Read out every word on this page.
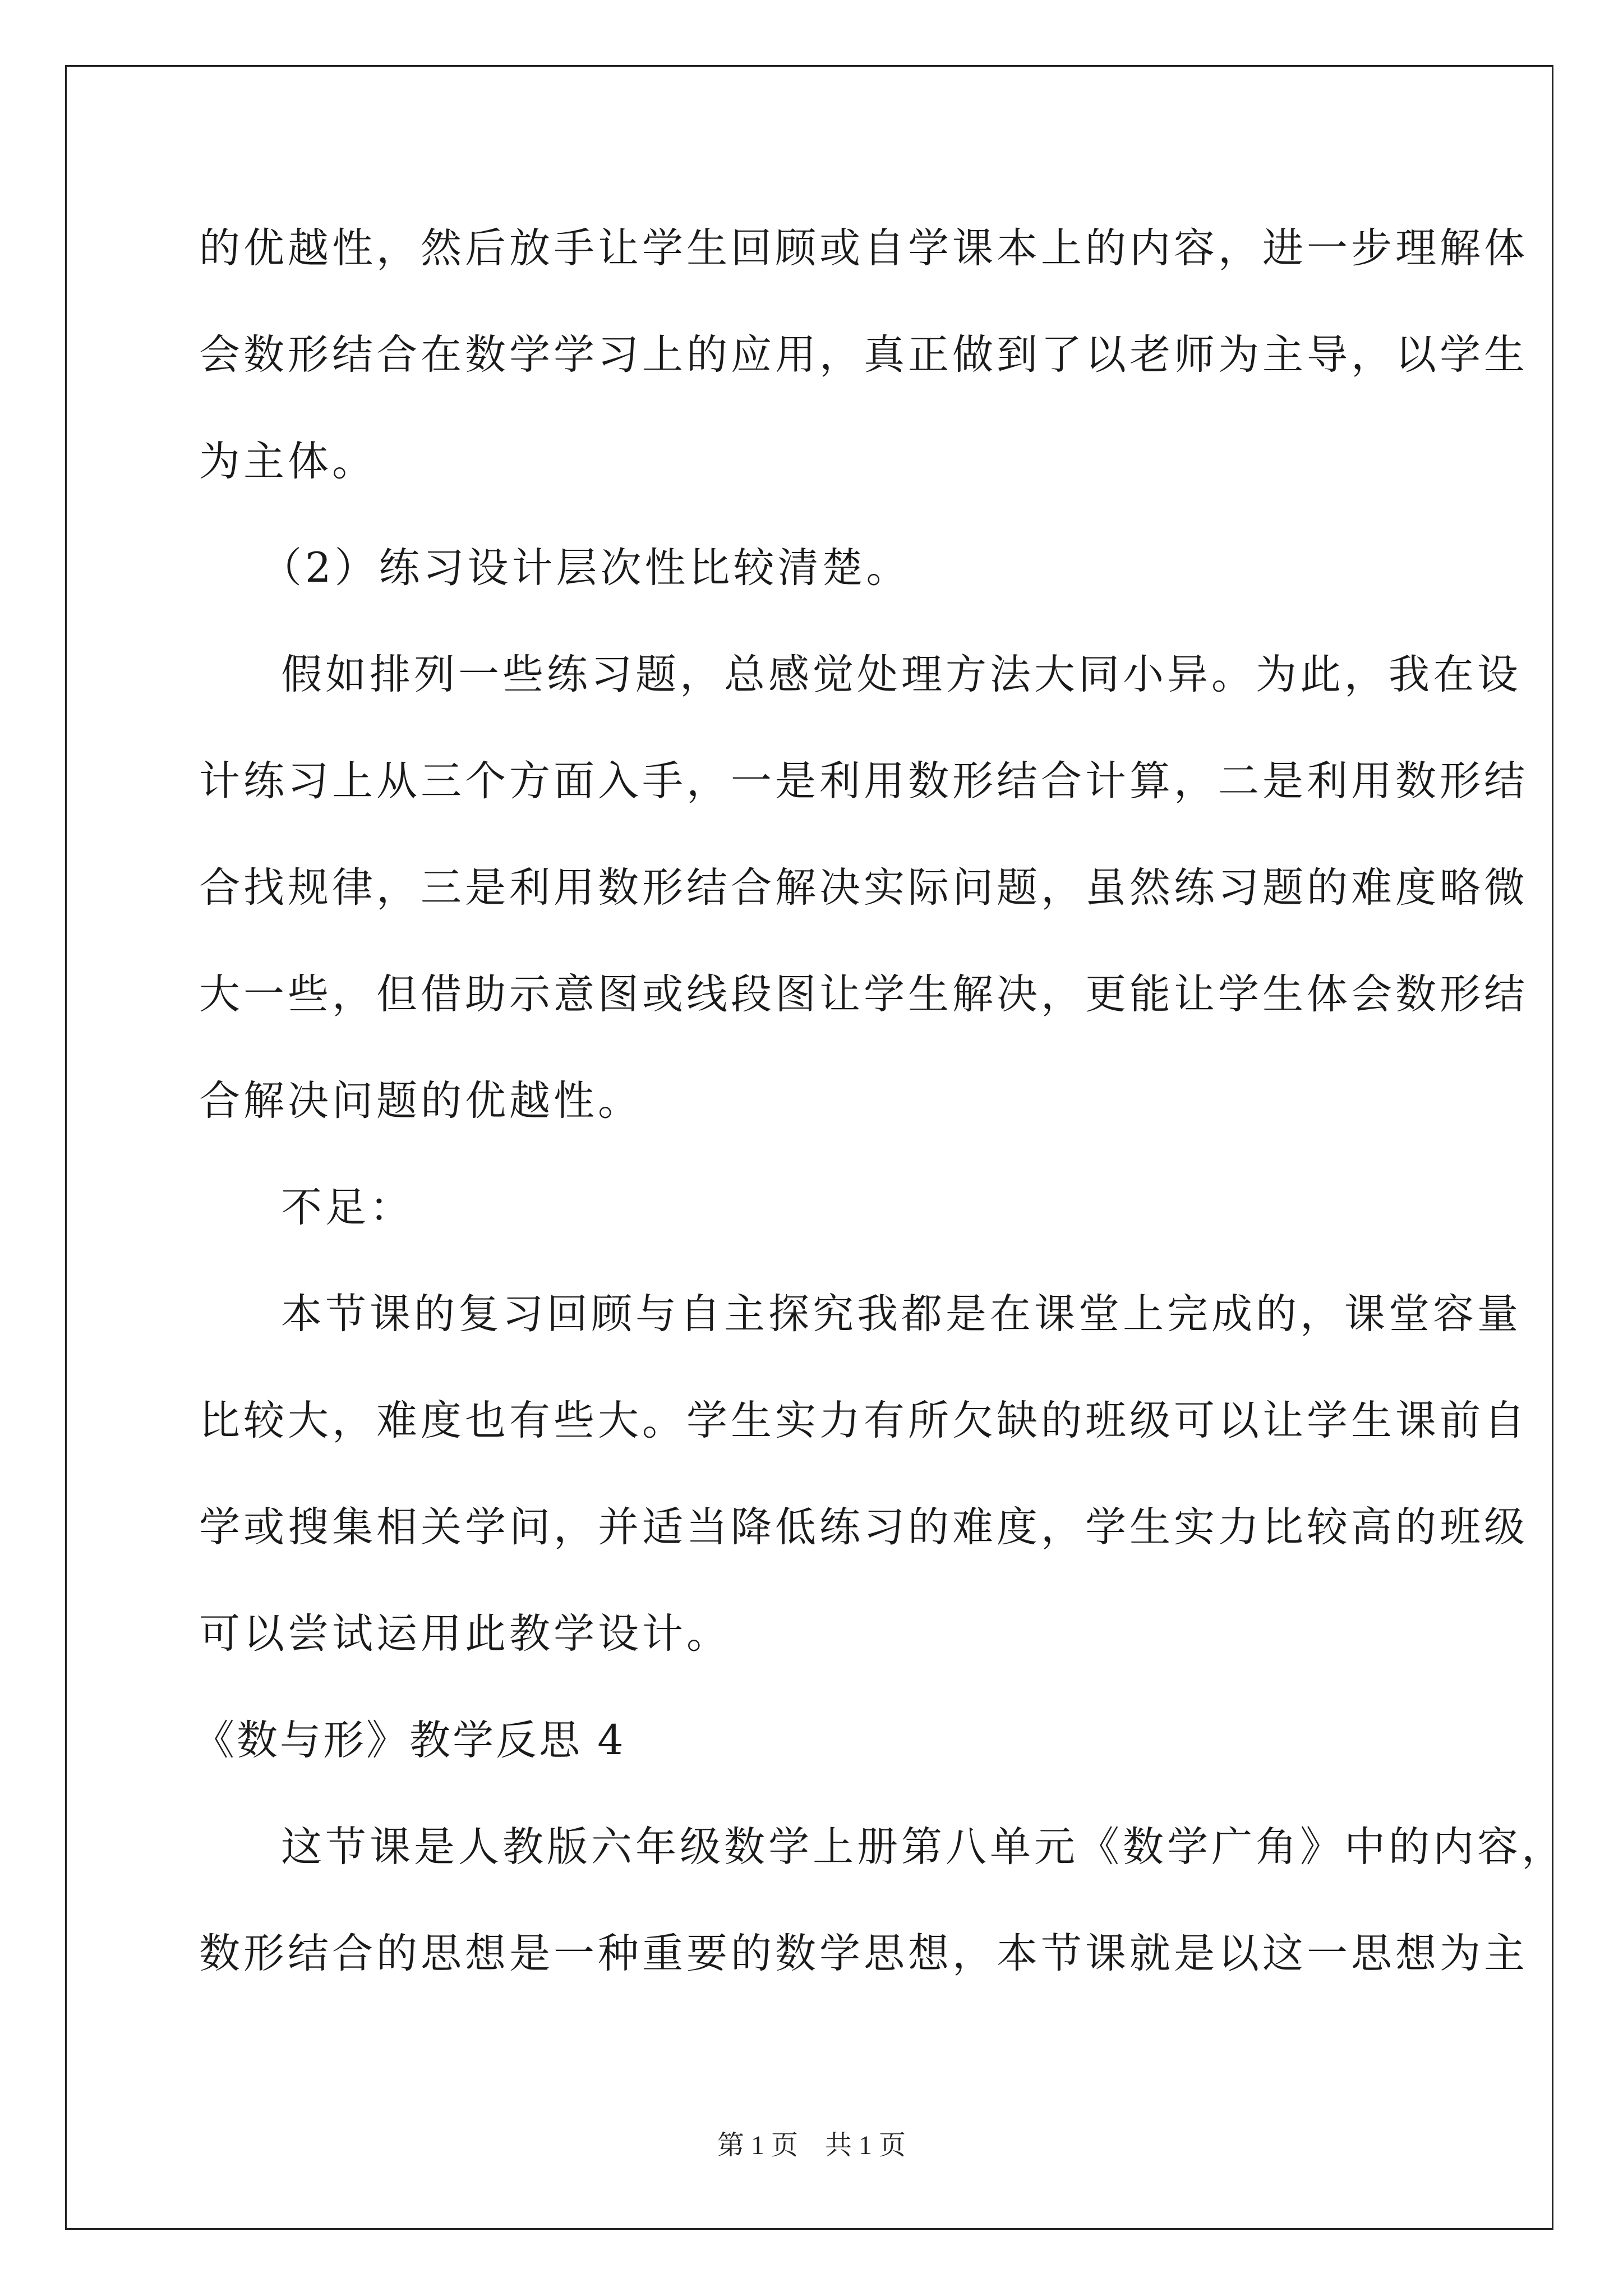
的优越性，然后放手让学生回顾或自学课本上的内容，进一步理解体
会数形结合在数学学习上的应用，真正做到了以老师为主导，以学生
为主体。
（2）练习设计层次性比较清楚。
假如排列一些练习题，总感觉处理方法大同小异。为此，我在设
计练习上从三个方面入手，一是利用数形结合计算，二是利用数形结
合找规律，三是利用数形结合解决实际问题，虽然练习题的难度略微
大一些，但借助示意图或线段图让学生解决，更能让学生体会数形结
合解决问题的优越性。
不足：
本节课的复习回顾与自主探究我都是在课堂上完成的，课堂容量
比较大，难度也有些大。学生实力有所欠缺的班级可以让学生课前自
学或搜集相关学问，并适当降低练习的难度，学生实力比较高的班级
可以尝试运用此教学设计。
《数与形》教学反思 4
这节课是人教版六年级数学上册第八单元《数学广角》中的内容，
数形结合的思想是一种重要的数学思想，本节课就是以这一思想为主
第 1 页 共 1 页
